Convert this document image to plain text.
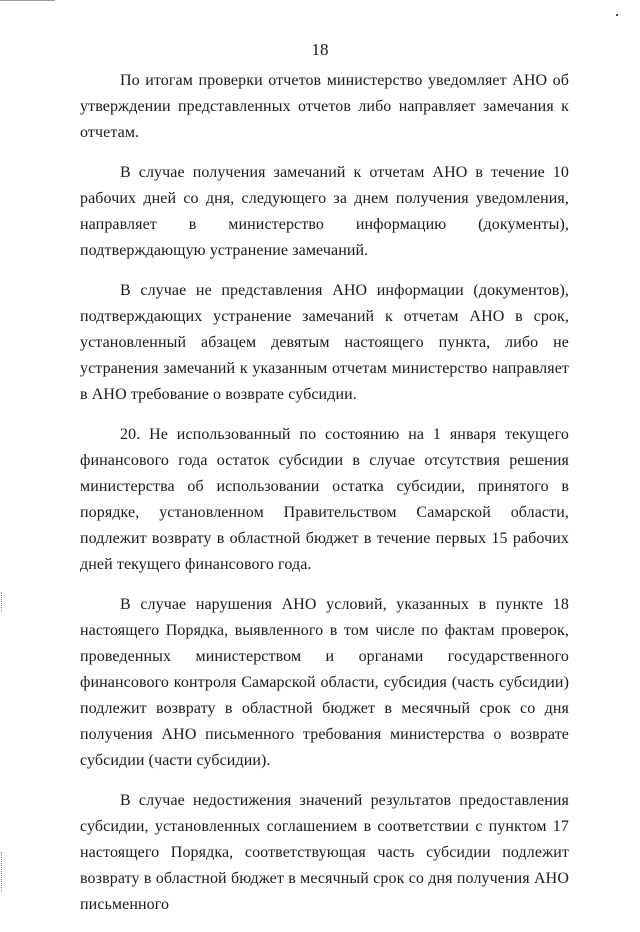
18

По итогам проверки отчетов министерство уведомляет АНО об утверждении представленных отчетов либо направляет замечания к отчетам.

В случае получения замечаний к отчетам АНО в течение 10 рабочих дней со дня, следующего за днем получения уведомления, направляет в министерство информацию (документы), подтверждающую устранение замечаний.

В случае не представления АНО информации (документов), подтверждающих устранение замечаний к отчетам АНО в срок, установленный абзацем девятым настоящего пункта, либо не устранения замечаний к указанным отчетам министерство направляет в АНО требование о возврате субсидии.

20. Не использованный по состоянию на 1 января текущего финансового года остаток субсидии в случае отсутствия решения министерства об использовании остатка субсидии, принятого в порядке, установленном Правительством Самарской области, подлежит возврату в областной бюджет в течение первых 15 рабочих дней текущего финансового года.

В случае нарушения АНО условий, указанных в пункте 18 настоящего Порядка, выявленного в том числе по фактам проверок, проведенных министерством и органами государственного финансового контроля Самарской области, субсидия (часть субсидии) подлежит возврату в областной бюджет в месячный срок со дня получения АНО письменного требования министерства о возврате субсидии (части субсидии).

В случае недостижения значений результатов предоставления субсидии, установленных соглашением в соответствии с пунктом 17 настоящего Порядка, соответствующая часть субсидии подлежит возврату в областной бюджет в месячный срок со дня получения АНО письменного
